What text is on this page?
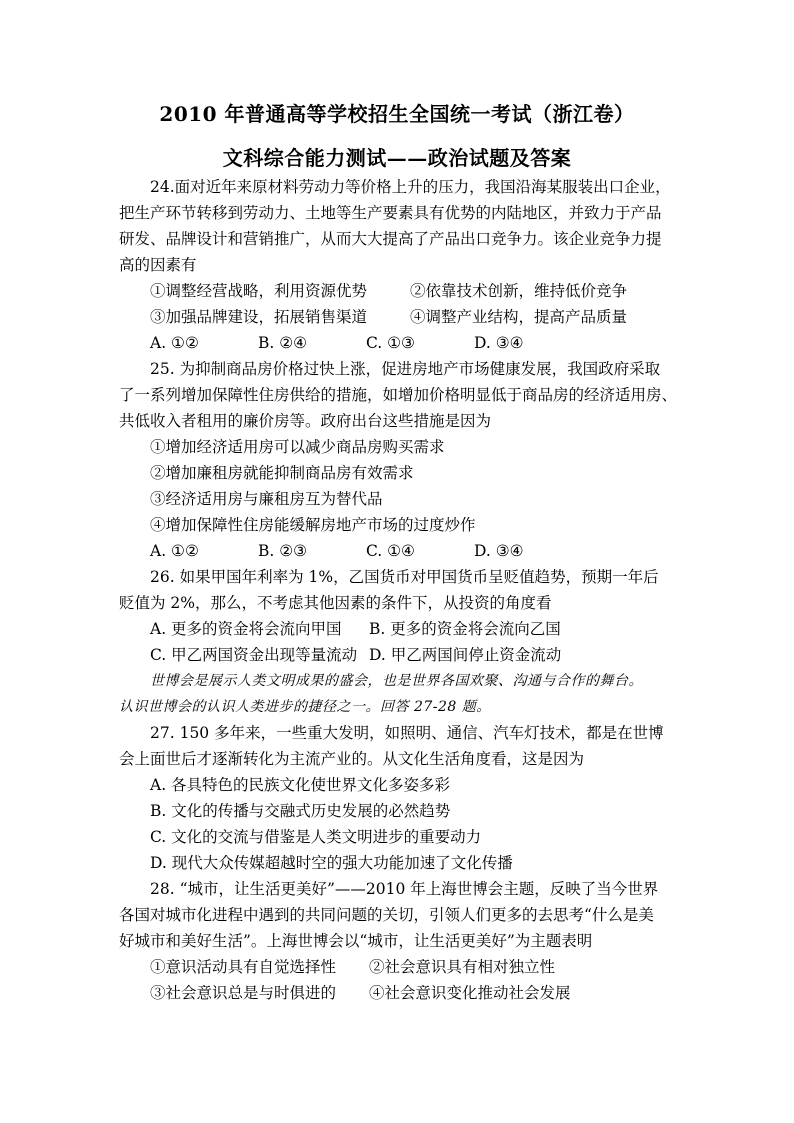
2010 年普通高等学校招生全国统一考试（浙江卷）
文科综合能力测试——政治试题及答案
24.面对近年来原材料劳动力等价格上升的压力，我国沿海某服装出口企业，
把生产环节转移到劳动力、土地等生产要素具有优势的内陆地区，并致力于产品
研发、品牌设计和营销推广，从而大大提高了产品出口竞争力。该企业竞争力提
高的因素有
①调整经营战略，利用资源优势	②依靠技术创新，维持低价竞争
③加强品牌建设，拓展销售渠道	④调整产业结构，提高产品质量
A. ①②	B. ②④	C. ①③	D. ③④
25. 为抑制商品房价格过快上涨，促进房地产市场健康发展，我国政府采取
了一系列增加保障性住房供给的措施，如增加价格明显低于商品房的经济适用房、
共低收入者租用的廉价房等。政府出台这些措施是因为
①增加经济适用房可以减少商品房购买需求
②增加廉租房就能抑制商品房有效需求
③经济适用房与廉租房互为替代品
④增加保障性住房能缓解房地产市场的过度炒作
A. ①②	B. ②③	C. ①④	D. ③④
26. 如果甲国年利率为 1%，乙国货币对甲国货币呈贬值趋势，预期一年后
贬值为 2%，那么，不考虑其他因素的条件下，从投资的角度看
A. 更多的资金将会流向甲国	B. 更多的资金将会流向乙国
C. 甲乙两国资金出现等量流动 D. 甲乙两国间停止资金流动
世博会是展示人类文明成果的盛会，也是世界各国欢聚、沟通与合作的舞台。
认识世博会的认识人类进步的捷径之一。回答 27-28 题。
27. 150 多年来，一些重大发明，如照明、通信、汽车灯技术，都是在世博
会上面世后才逐渐转化为主流产业的。从文化生活角度看，这是因为
A. 各具特色的民族文化使世界文化多姿多彩
B. 文化的传播与交融式历史发展的必然趋势
C. 文化的交流与借鉴是人类文明进步的重要动力
D. 现代大众传媒超越时空的强大功能加速了文化传播
28. “城市，让生活更美好”——2010 年上海世博会主题，反映了当今世界
各国对城市化进程中遇到的共同问题的关切，引领人们更多的去思考“什么是美
好城市和美好生活”。上海世博会以“城市，让生活更美好”为主题表明
①意识活动具有自觉选择性	②社会意识具有相对独立性
③社会意识总是与时俱进的	④社会意识变化推动社会发展
